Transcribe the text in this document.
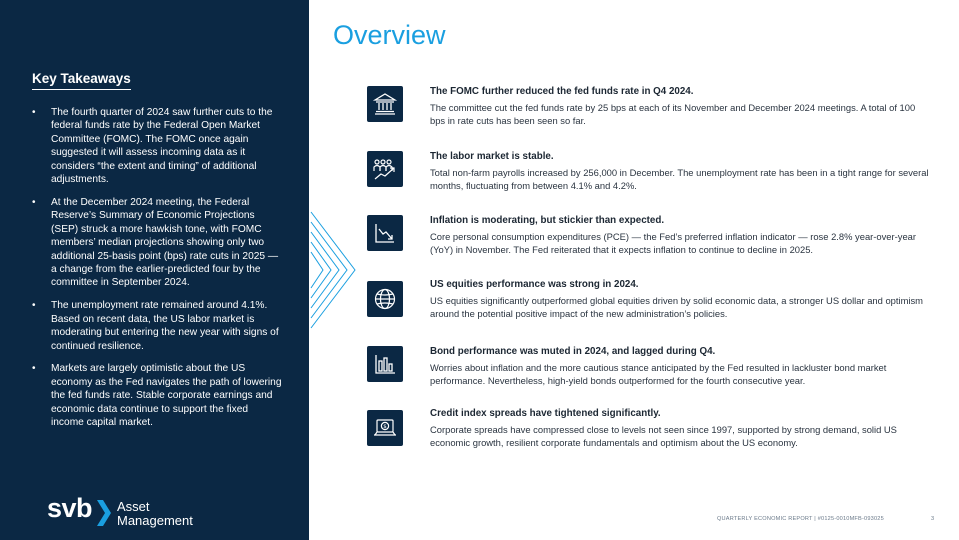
Key Takeaways
• The fourth quarter of 2024 saw further cuts to the federal funds rate by the Federal Open Market Committee (FOMC). The FOMC once again suggested it will assess incoming data as it considers “the extent and timing” of additional adjustments.
• At the December 2024 meeting, the Federal Reserve’s Summary of Economic Projections (SEP) struck a more hawkish tone, with FOMC members’ median projections showing only two additional 25-basis point (bps) rate cuts in 2025 — a change from the earlier-predicted four by the committee in September 2024.
• The unemployment rate remained around 4.1%. Based on recent data, the US labor market is moderating but entering the new year with signs of continued resilience.
• Markets are largely optimistic about the US economy as the Fed navigates the path of lowering the fed funds rate. Stable corporate earnings and economic data continue to support the fixed income capital market.
svb Asset
Management
Overview
The FOMC further reduced the fed funds rate in Q4 2024.
The committee cut the fed funds rate by 25 bps at each of its November and December 2024 meetings. A total of 100 bps in rate cuts has been seen so far.
The labor market is stable.
Total non-farm payrolls increased by 256,000 in December. The unemployment rate has been in a tight range for several months, fluctuating from between 4.1% and 4.2%.
Inflation is moderating, but stickier than expected.
Core personal consumption expenditures (PCE) — the Fed’s preferred inflation indicator — rose 2.8% year-over-year (YoY) in November. The Fed reiterated that it expects inflation to continue to decline in 2025.
US equities performance was strong in 2024.
US equities significantly outperformed global equities driven by solid economic data, a stronger US dollar and optimism around the potential positive impact of the new administration’s policies.
Bond performance was muted in 2024, and lagged during Q4.
Worries about inflation and the more cautious stance anticipated by the Fed resulted in lackluster bond market performance. Nevertheless, high-yield bonds outperformed for the fourth consecutive year.
$
Credit index spreads have tightened significantly.
Corporate spreads have compressed close to levels not seen since 1997, supported by strong demand, solid US economic growth, resilient corporate fundamentals and optimism about the US economy.
QUARTERLY ECONOMIC REPORT | #0125-0010MFB-093025	3
